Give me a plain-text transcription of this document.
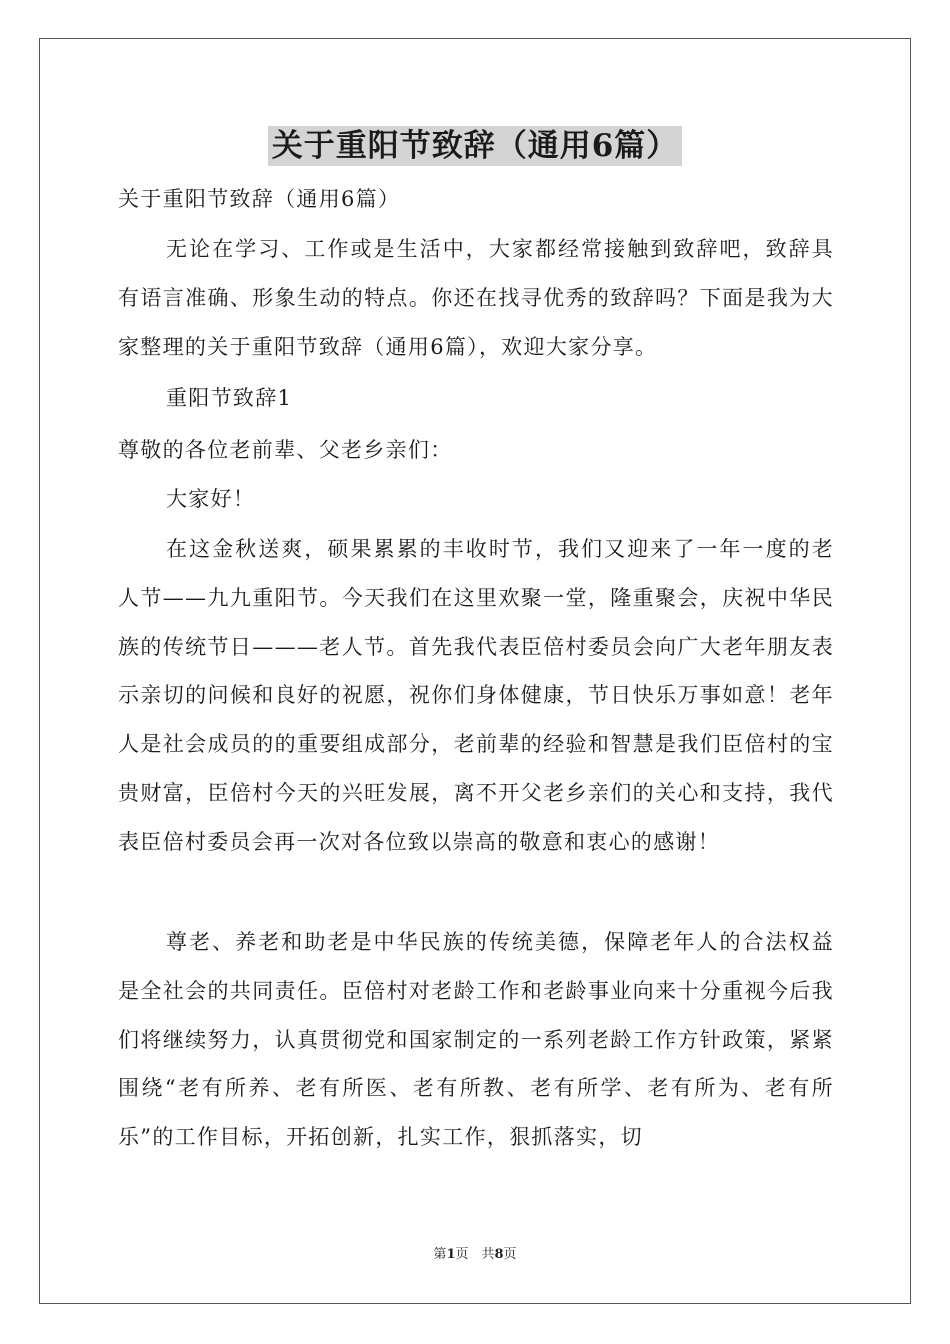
关于重阳节致辞（通用6篇）

关于重阳节致辞（通用6篇）

无论在学习、工作或是生活中，大家都经常接触到致辞吧，致辞具有语言准确、形象生动的特点。你还在找寻优秀的致辞吗？下面是我为大家整理的关于重阳节致辞（通用6篇），欢迎大家分享。

重阳节致辞1

尊敬的各位老前辈、父老乡亲们：

大家好！

在这金秋送爽，硕果累累的丰收时节，我们又迎来了一年一度的老人节——九九重阳节。今天我们在这里欢聚一堂，隆重聚会，庆祝中华民族的传统节日———老人节。首先我代表臣倍村委员会向广大老年朋友表示亲切的问候和良好的祝愿，祝你们身体健康，节日快乐万事如意！老年人是社会成员的的重要组成部分，老前辈的经验和智慧是我们臣倍村的宝贵财富，臣倍村今天的兴旺发展，离不开父老乡亲们的关心和支持，我代表臣倍村委员会再一次对各位致以崇高的敬意和衷心的感谢！

尊老、养老和助老是中华民族的传统美德，保障老年人的合法权益是全社会的共同责任。臣倍村对老龄工作和老龄事业向来十分重视今后我们将继续努力，认真贯彻党和国家制定的一系列老龄工作方针政策，紧紧围绕“老有所养、老有所医、老有所教、老有所学、老有所为、老有所乐”的工作目标，开拓创新，扎实工作，狠抓落实，切

第1页　共8页
